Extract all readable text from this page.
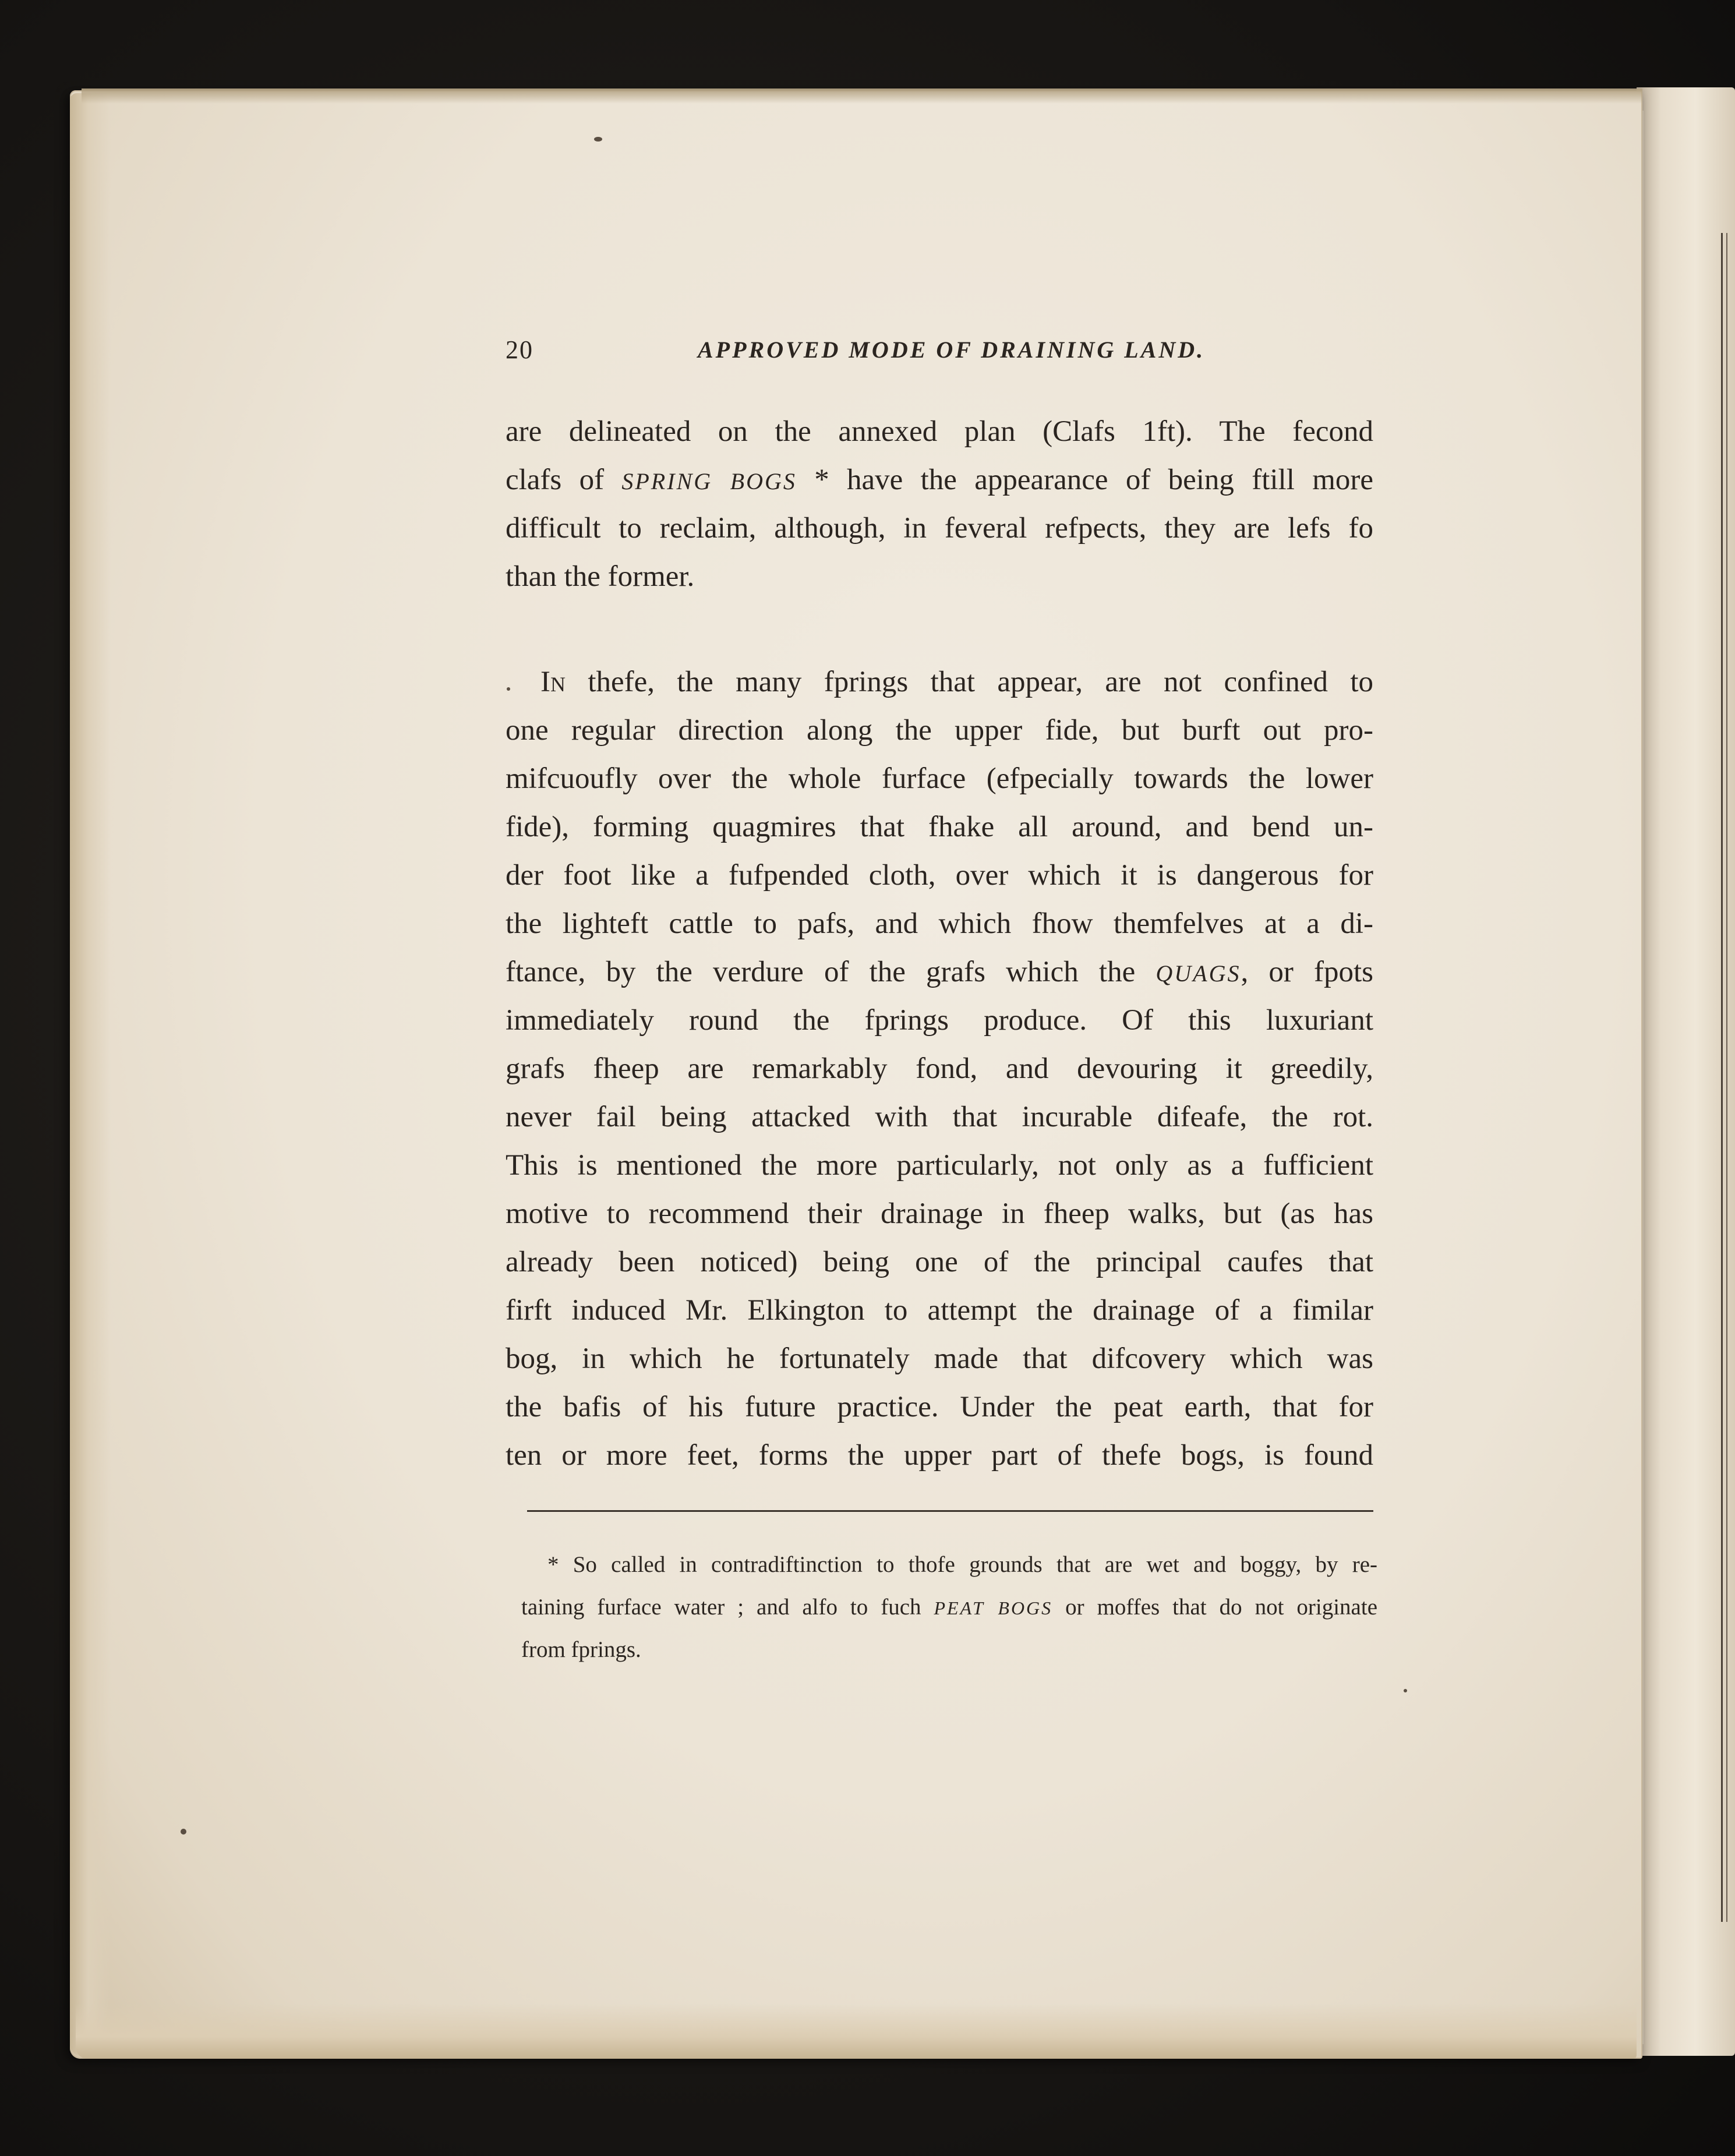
20	APPROVED MODE OF DRAINING LAND.
are delineated on the annexed plan (Clafs 1ft). The fecond
clafs of SPRING BOGS * have the appearance of being ftill more
difficult to reclaim, although, in feveral refpects, they are lefs fo
than the former.
In thefe, the many fprings that appear, are not confined to
one regular direction along the upper fide, but burft out pro-
mifcuoufly over the whole furface (efpecially towards the lower
fide), forming quagmires that fhake all around, and bend un-
der foot like a fufpended cloth, over which it is dangerous for
the lighteft cattle to pafs, and which fhow themfelves at a di-
ftance, by the verdure of the grafs which the QUAGS, or fpots
immediately round the fprings produce. Of this luxuriant
grafs fheep are remarkably fond, and devouring it greedily,
never fail being attacked with that incurable difeafe, the rot.
This is mentioned the more particularly, not only as a fufficient
motive to recommend their drainage in fheep walks, but (as has
already been noticed) being one of the principal caufes that
firft induced Mr. Elkington to attempt the drainage of a fimilar
bog, in which he fortunately made that difcovery which was
the bafis of his future practice. Under the peat earth, that for
ten or more feet, forms the upper part of thefe bogs, is found
* So called in contradiftinction to thofe grounds that are wet and boggy, by re-
taining furface water ; and alfo to fuch PEAT BOGS or moffes that do not originate
from fprings.
